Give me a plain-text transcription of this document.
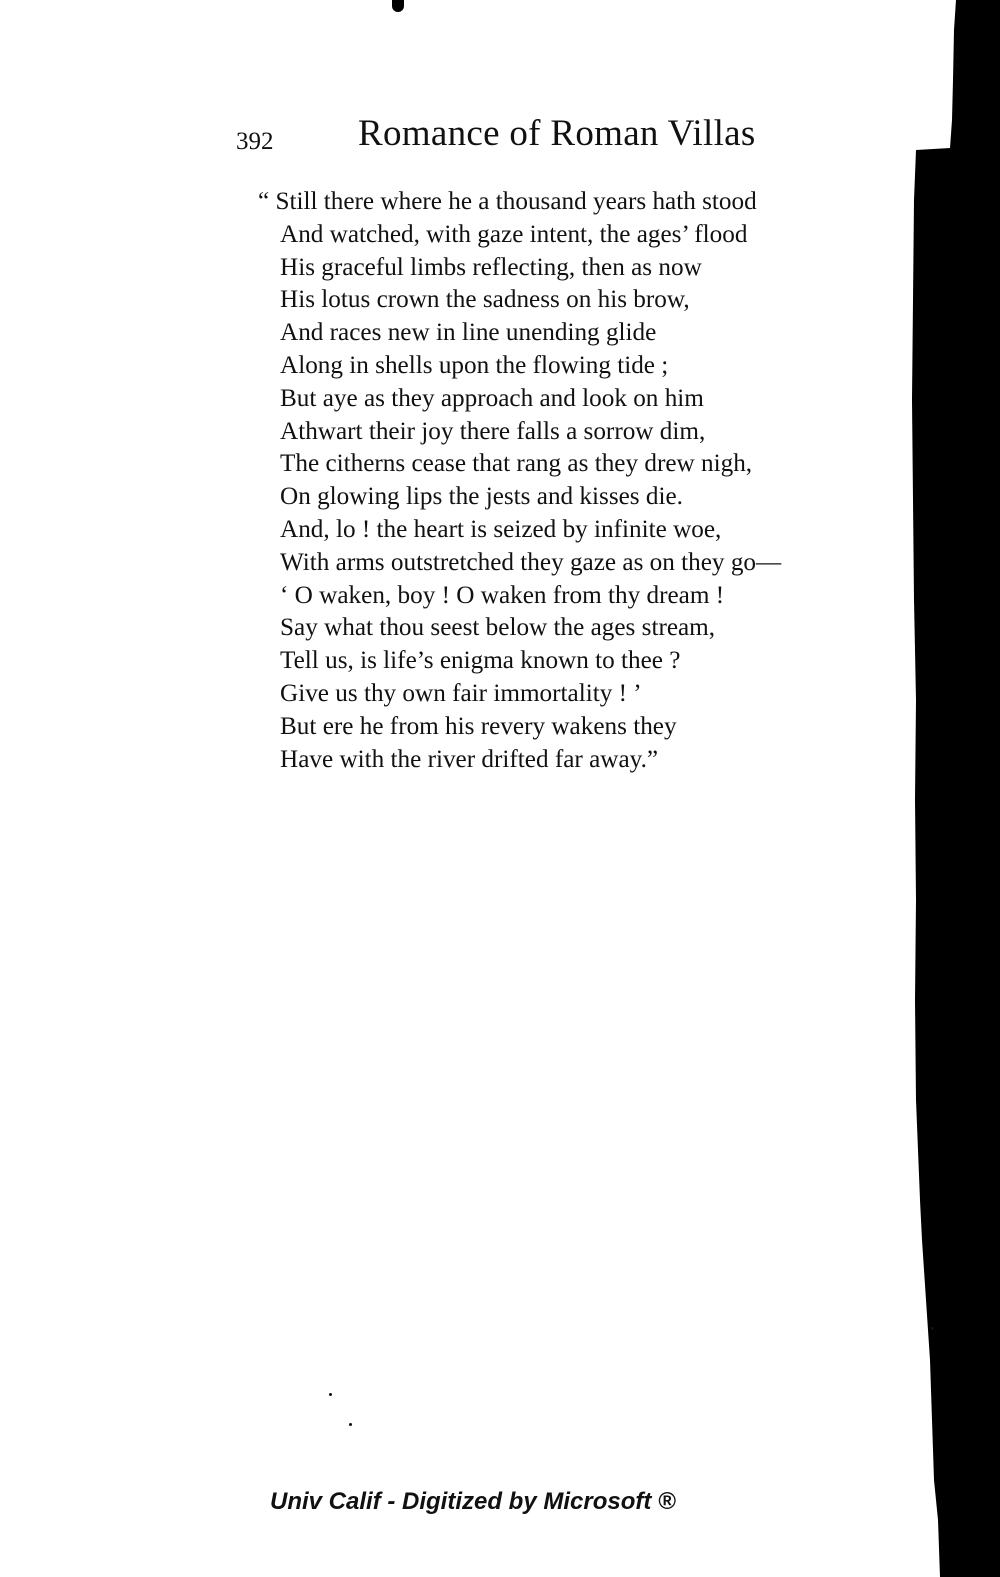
392 Romance of Roman Villas
“ Still there where he a thousand years hath stood
And watched, with gaze intent, the ages’ flood
His graceful limbs reflecting, then as now
His lotus crown the sadness on his brow,
And races new in line unending glide
Along in shells upon the flowing tide ;
But aye as they approach and look on him
Athwart their joy there falls a sorrow dim,
The citherns cease that rang as they drew nigh,
On glowing lips the jests and kisses die.
And, lo ! the heart is seized by infinite woe,
With arms outstretched they gaze as on they go—
‘ O waken, boy ! O waken from thy dream !
Say what thou seest below the ages stream,
Tell us, is life’s enigma known to thee ?
Give us thy own fair immortality ! ’
But ere he from his revery wakens they
Have with the river drifted far away.”
Univ Calif - Digitized by Microsoft ®
